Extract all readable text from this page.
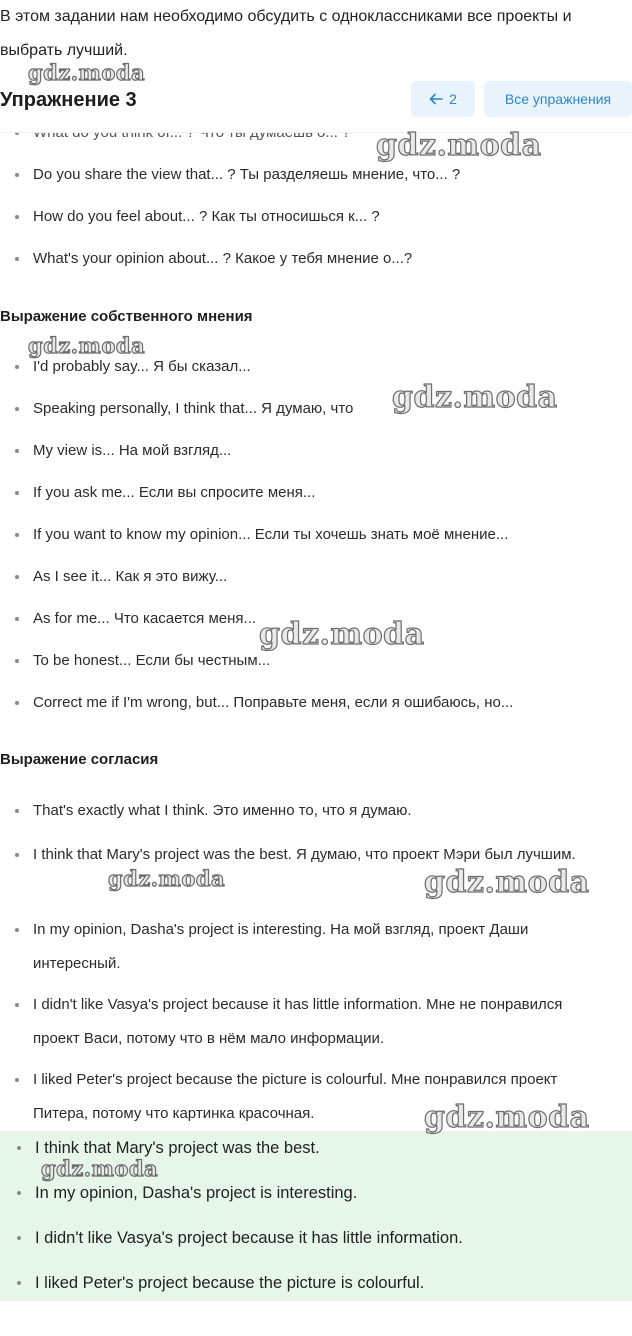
В этом задании нам необходимо обсудить с одноклассниками все проекты и
выбрать лучший.
Упражнение 3	2	Все упражнения
Do you share the view that... ? Ты разделяешь мнение, что... ?
How do you feel about... ? Как ты относишься к... ?
What's your opinion about... ? Какое у тебя мнение о...?
Выражение собственного мнения
I'd probably say... Я бы сказал...
Speaking personally, I think that... Я думаю, что
My view is... На мой взгляд...
If you ask me... Если вы спросите меня...
If you want to know my opinion... Если ты хочешь знать моё мнение...
As I see it... Как я это вижу...
As for me... Что касается меня...
To be honest... Если бы честным...
Correct me if I'm wrong, but... Поправьте меня, если я ошибаюсь, но...
Выражение согласия
That's exactly what I think. Это именно то, что я думаю.
I think that Mary's project was the best. Я думаю, что проект Мэри был лучшим.
In my opinion, Dasha's project is interesting. На мой взгляд, проект Даши интересный.
I didn't like Vasya's project because it has little information. Мне не понравился проект Васи, потому что в нём мало информации.
I liked Peter's project because the picture is colourful. Мне понравился проект Питера, потому что картинка красочная.
I think that Mary's project was the best.
In my opinion, Dasha's project is interesting.
I didn't like Vasya's project because it has little information.
I liked Peter's project because the picture is colourful.
gdz.moda
gdz.moda
gdz.moda
gdz.moda
gdz.moda
gdz.moda	gdz.moda
gdz.moda
gdz.moda
